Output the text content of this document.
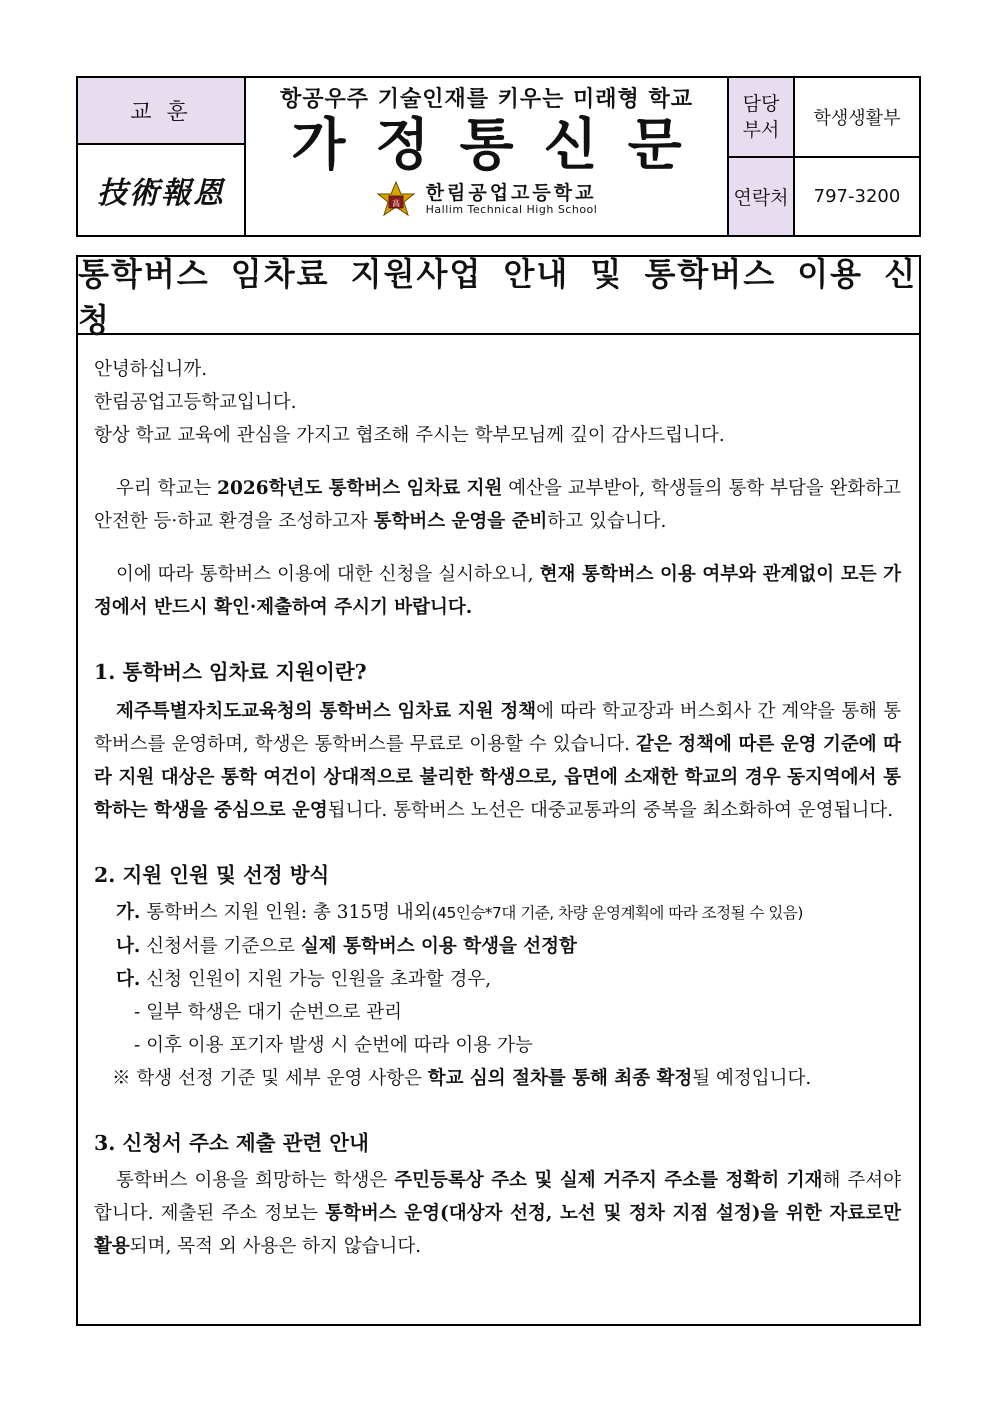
교 훈
技術報恩
항공우주 기술인재를 키우는 미래형 학교
가정통신문
高 한림공업고등학교
Hallim Technical High School
담당
부서
학생생활부
연락처	797-3200
통학버스 임차료 지원사업 안내 및 통학버스 이용 신청

안녕하십니까.

한림공업고등학교입니다.

항상 학교 교육에 관심을 가지고 협조해 주시는 학부모님께 깊이 감사드립니다.

우리 학교는 2026학년도 통학버스 임차료 지원 예산을 교부받아, 학생들의 통학 부담을 완화하고 안전한 등·하교 환경을 조성하고자 통학버스 운영을 준비하고 있습니다.

이에 따라 통학버스 이용에 대한 신청을 실시하오니, 현재 통학버스 이용 여부와 관계없이 모든 가정에서 반드시 확인·제출하여 주시기 바랍니다.

1. 통학버스 임차료 지원이란?

제주특별자치도교육청의 통학버스 임차료 지원 정책에 따라 학교장과 버스회사 간 계약을 통해 통학버스를 운영하며, 학생은 통학버스를 무료로 이용할 수 있습니다. 같은 정책에 따른 운영 기준에 따라 지원 대상은 통학 여건이 상대적으로 불리한 학생으로, 읍면에 소재한 학교의 경우 동지역에서 통학하는 학생을 중심으로 운영됩니다. 통학버스 노선은 대중교통과의 중복을 최소화하여 운영됩니다.

2. 지원 인원 및 선정 방식

가. 통학버스 지원 인원: 총 315명 내외(45인승*7대 기준, 차량 운영계획에 따라 조정될 수 있음)

나. 신청서를 기준으로 실제 통학버스 이용 학생을 선정함

다. 신청 인원이 지원 가능 인원을 초과할 경우,

- 일부 학생은 대기 순번으로 관리

- 이후 이용 포기자 발생 시 순번에 따라 이용 가능

※ 학생 선정 기준 및 세부 운영 사항은 학교 심의 절차를 통해 최종 확정될 예정입니다.

3. 신청서 주소 제출 관련 안내

통학버스 이용을 희망하는 학생은 주민등록상 주소 및 실제 거주지 주소를 정확히 기재해 주셔야 합니다. 제출된 주소 정보는 통학버스 운영(대상자 선정, 노선 및 정차 지점 설정)을 위한 자료로만 활용되며, 목적 외 사용은 하지 않습니다.
